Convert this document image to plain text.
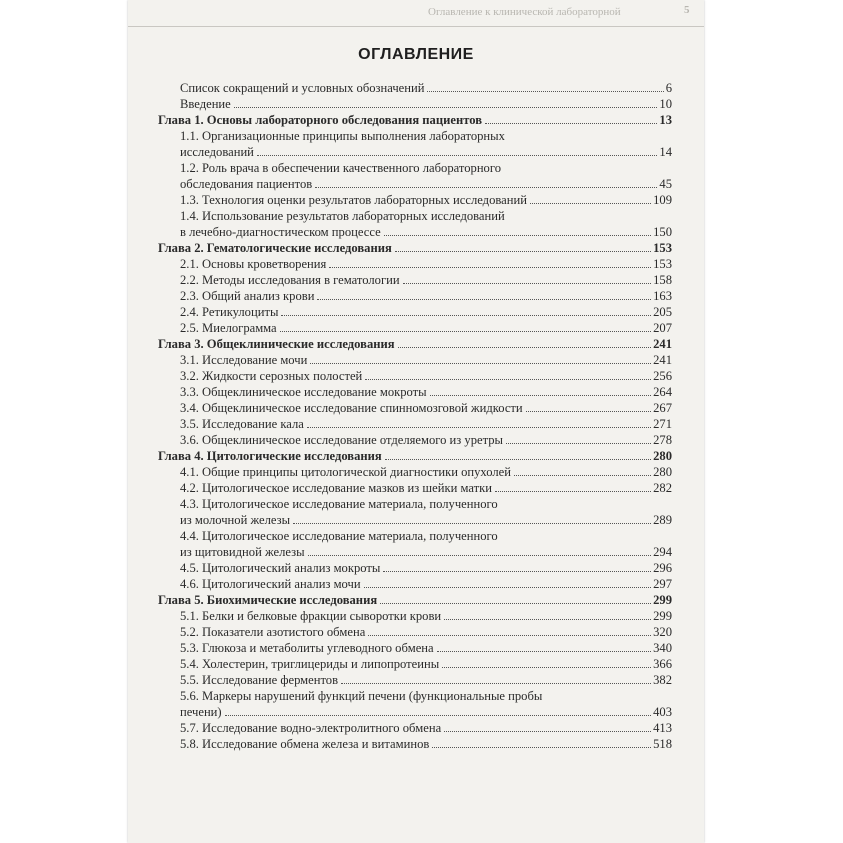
Оглавление к клинической лабораторной	5
ОГЛАВЛЕНИЕ
Список сокращений и условных обозначений	6
Введение	10
Глава 1. Основы лабораторного обследования пациентов	13
1.1. Организационные принципы выполнения лабораторных
исследований	14
1.2. Роль врача в обеспечении качественного лабораторного
обследования пациентов	45
1.3. Технология оценки результатов лабораторных исследований	109
1.4. Использование результатов лабораторных исследований
в лечебно-диагностическом процессе	150
Глава 2. Гематологические исследования	153
2.1. Основы кроветворения	153
2.2. Методы исследования в гематологии	158
2.3. Общий анализ крови	163
2.4. Ретикулоциты	205
2.5. Миелограмма	207
Глава 3. Общеклинические исследования	241
3.1. Исследование мочи	241
3.2. Жидкости серозных полостей	256
3.3. Общеклиническое исследование мокроты	264
3.4. Общеклиническое исследование спинномозговой жидкости	267
3.5. Исследование кала	271
3.6. Общеклиническое исследование отделяемого из уретры	278
Глава 4. Цитологические исследования	280
4.1. Общие принципы цитологической диагностики опухолей	280
4.2. Цитологическое исследование мазков из шейки матки	282
4.3. Цитологическое исследование материала, полученного
из молочной железы	289
4.4. Цитологическое исследование материала, полученного
из щитовидной железы	294
4.5. Цитологический анализ мокроты	296
4.6. Цитологический анализ мочи	297
Глава 5. Биохимические исследования	299
5.1. Белки и белковые фракции сыворотки крови	299
5.2. Показатели азотистого обмена	320
5.3. Глюкоза и метаболиты углеводного обмена	340
5.4. Холестерин, триглицериды и липопротеины	366
5.5. Исследование ферментов	382
5.6. Маркеры нарушений функций печени (функциональные пробы
печени)	403
5.7. Исследование водно-электролитного обмена	413
5.8. Исследование обмена железа и витаминов	518
